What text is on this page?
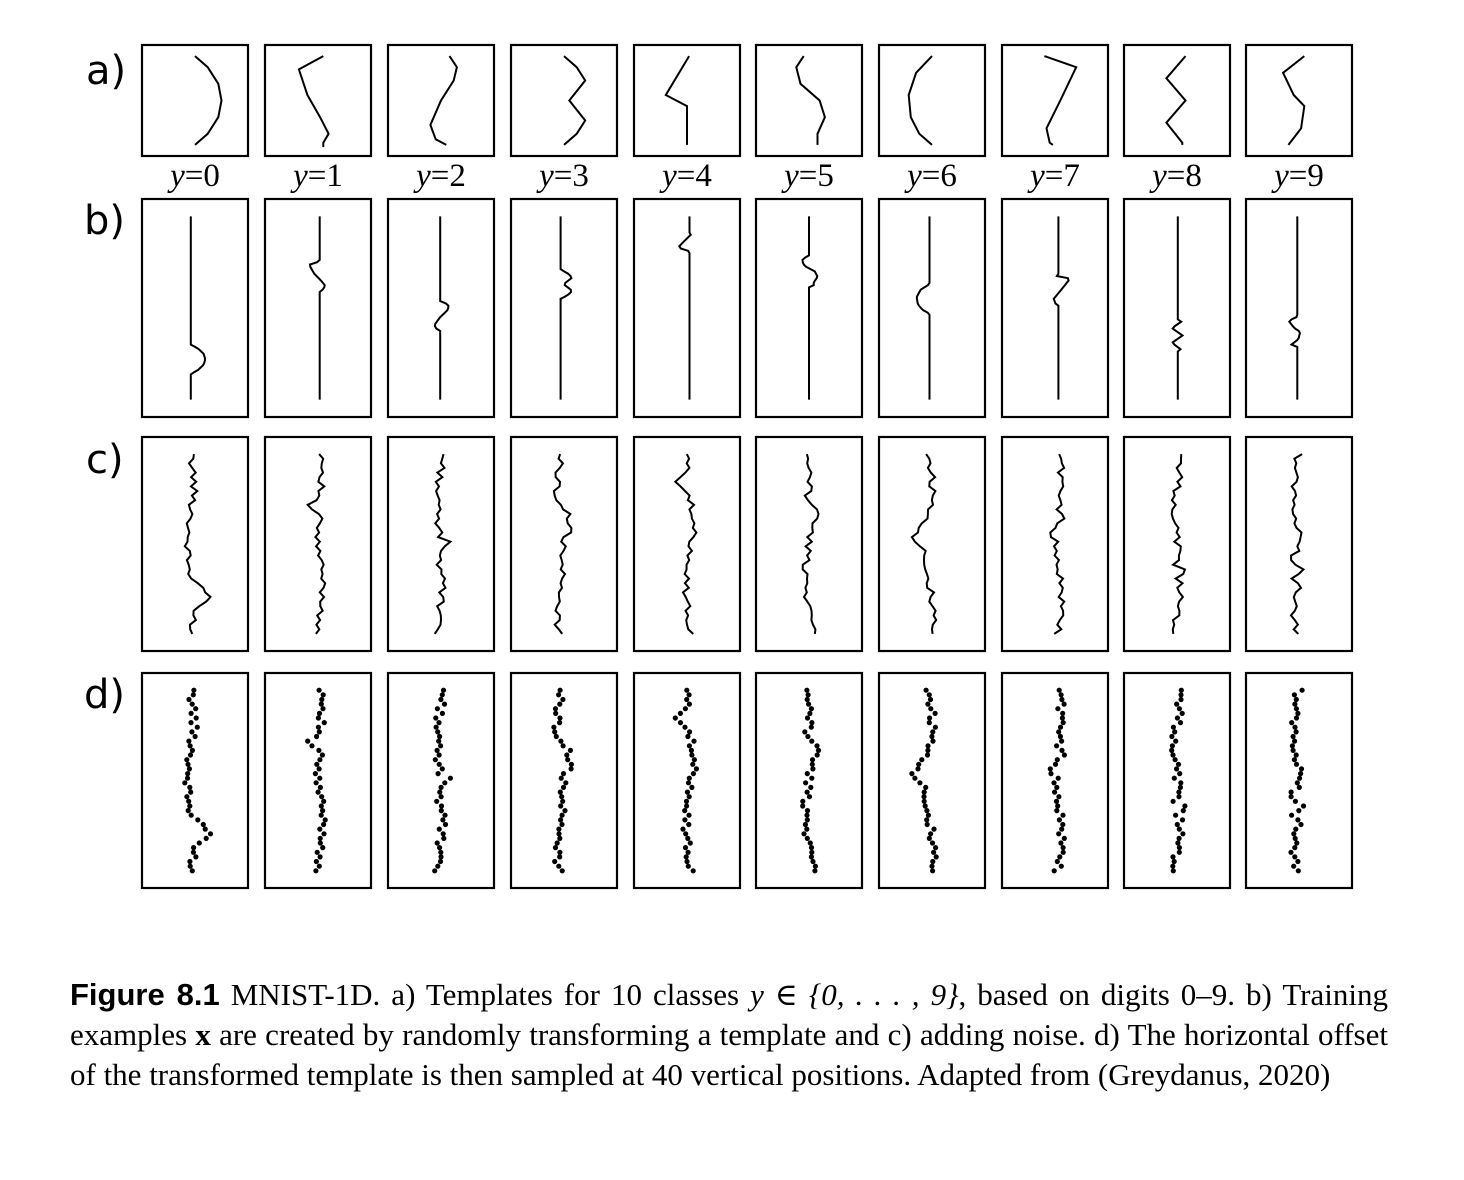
a)
b)
c)
d)
y=0 y=1 y=2 y=3 y=4 y=5 y=6 y=7 y=8 y=9
Figure 8.1 MNIST-1D. a) Templates for 10 classes y ∈ {0, . . . , 9}, based on digits 0–9. b) Training examples x are created by randomly transforming a template and c) adding noise. d) The horizontal offset of the transformed template is then sampled at 40 vertical positions. Adapted from (Greydanus, 2020)
